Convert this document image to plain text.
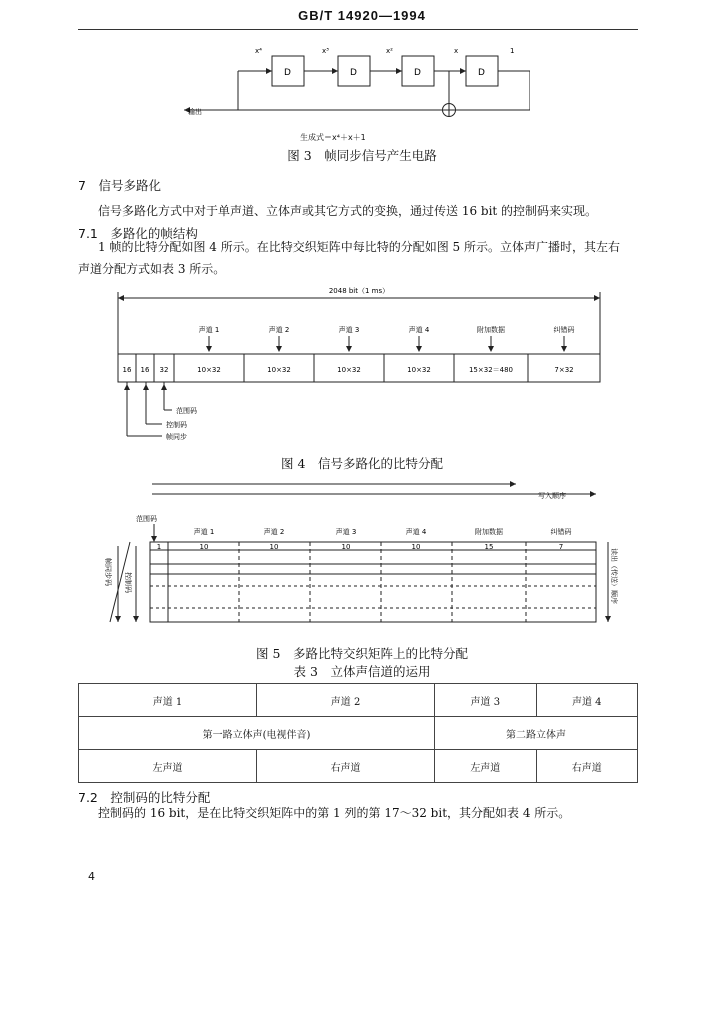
GB/T 14920—1994
D	D	D	D
x⁴	x³	x²	x	1
输出
生成式＝x⁴＋x＋1
图 3　帧同步信号产生电路
7　信号多路化
信号多路化方式中对于单声道、立体声或其它方式的变换，通过传送 16 bit 的控制码来实现。
7.1　多路化的帧结构
1 帧的比特分配如图 4 所示。在比特交织矩阵中每比特的分配如图 5 所示。立体声广播时，其左右
声道分配方式如表 3 所示。
2048 bit（1 ms）
声道 1	声道 2	声道 3	声道 4	附加数据	纠错码
16 16 32	10×32	10×32	10×32	10×32	15×32＝480	7×32
范围码
控制码
帧同步
图 4　信号多路化的比特分配
写入顺序
范围码
声道 1	声道 2	声道 3	声道 4	附加数据	纠错码
1	10	10	10	10	15	7
帧同步码 控制码	读出（传送）顺序
图 5　多路比特交织矩阵上的比特分配
表 3　立体声信道的运用
声道 1	声道 2	声道 3	声道 4
第一路立体声(电视伴音)		第二路立体声	
左声道	右声道	左声道	右声道
7.2　控制码的比特分配
控制码的 16 bit，是在比特交织矩阵中的第 1 列的第 17～32 bit，其分配如表 4 所示。
4
